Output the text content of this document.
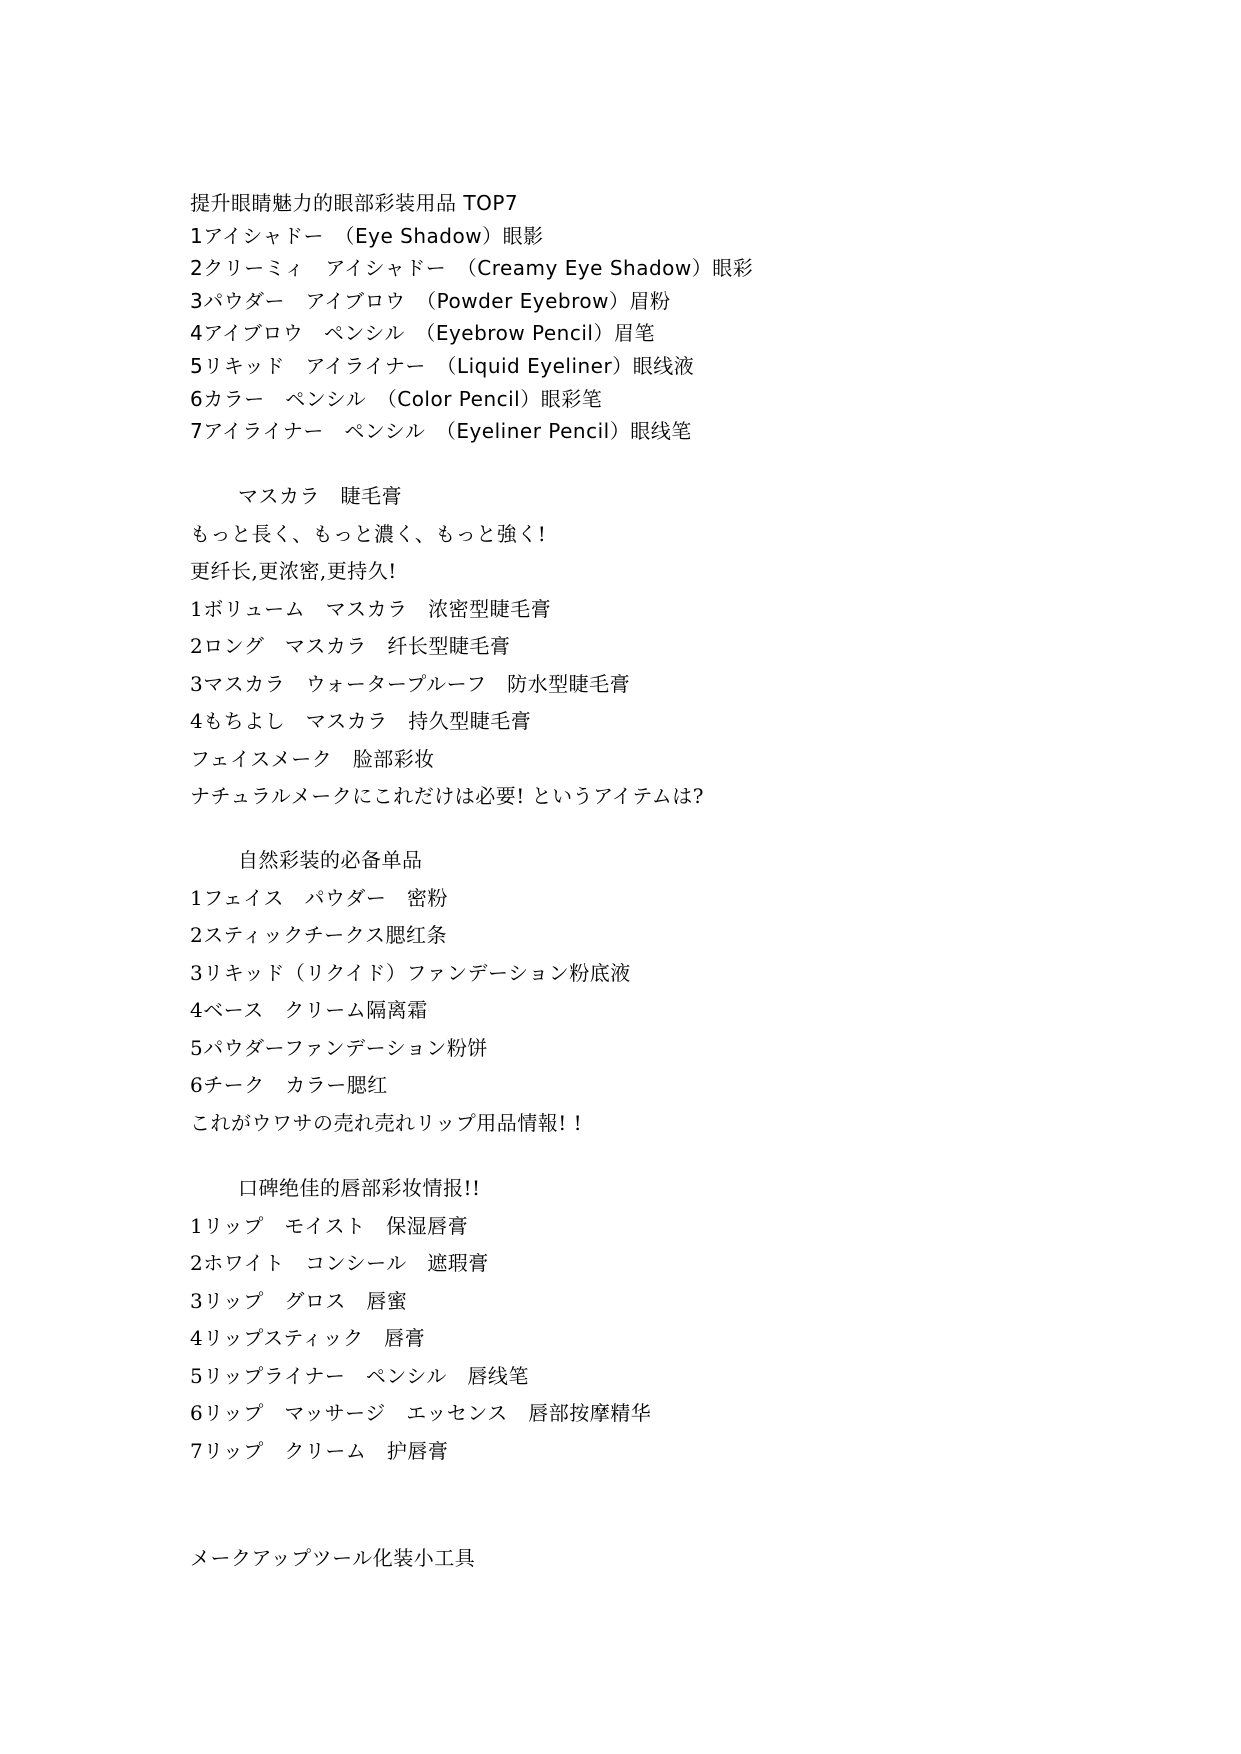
提升眼睛魅力的眼部彩装用品 TOP7
1アイシャドー　（Eye Shadow）眼影
2クリーミィ　アイシャドー　（Creamy Eye Shadow）眼彩
3パウダー　アイブロウ　（Powder Eyebrow）眉粉
4アイブロウ　ペンシル　（Eyebrow Pencil）眉笔
5リキッド　アイライナー　（Liquid Eyeliner）眼线液
6カラー　ペンシル　（Color Pencil）眼彩笔
7アイライナー　ペンシル　（Eyeliner Pencil）眼线笔
マスカラ　睫毛膏
もっと長く、もっと濃く、もっと強く!
更纤长,更浓密,更持久!
1ボリューム　マスカラ　浓密型睫毛膏
2ロング　マスカラ　纤长型睫毛膏
3マスカラ　ウォータープルーフ　防水型睫毛膏
4もちよし　マスカラ　持久型睫毛膏
フェイスメーク　脸部彩妆
ナチュラルメークにこれだけは必要! というアイテムは?
自然彩装的必备单品
1フェイス　パウダー　密粉
2スティックチークス腮红条
3リキッド（リクイド）ファンデーション粉底液
4ベース　クリーム隔离霜
5パウダーファンデーション粉饼
6チーク　カラー腮红
これがウワサの売れ売れリップ用品情報! !
口碑绝佳的唇部彩妆情报!!
1リップ　モイスト　保湿唇膏
2ホワイト　コンシール　遮瑕膏
3リップ　グロス　唇蜜
4リップスティック　唇膏
5リップライナー　ペンシル　唇线笔
6リップ　マッサージ　エッセンス　唇部按摩精华
7リップ　クリーム　护唇膏
メークアップツール化装小工具
